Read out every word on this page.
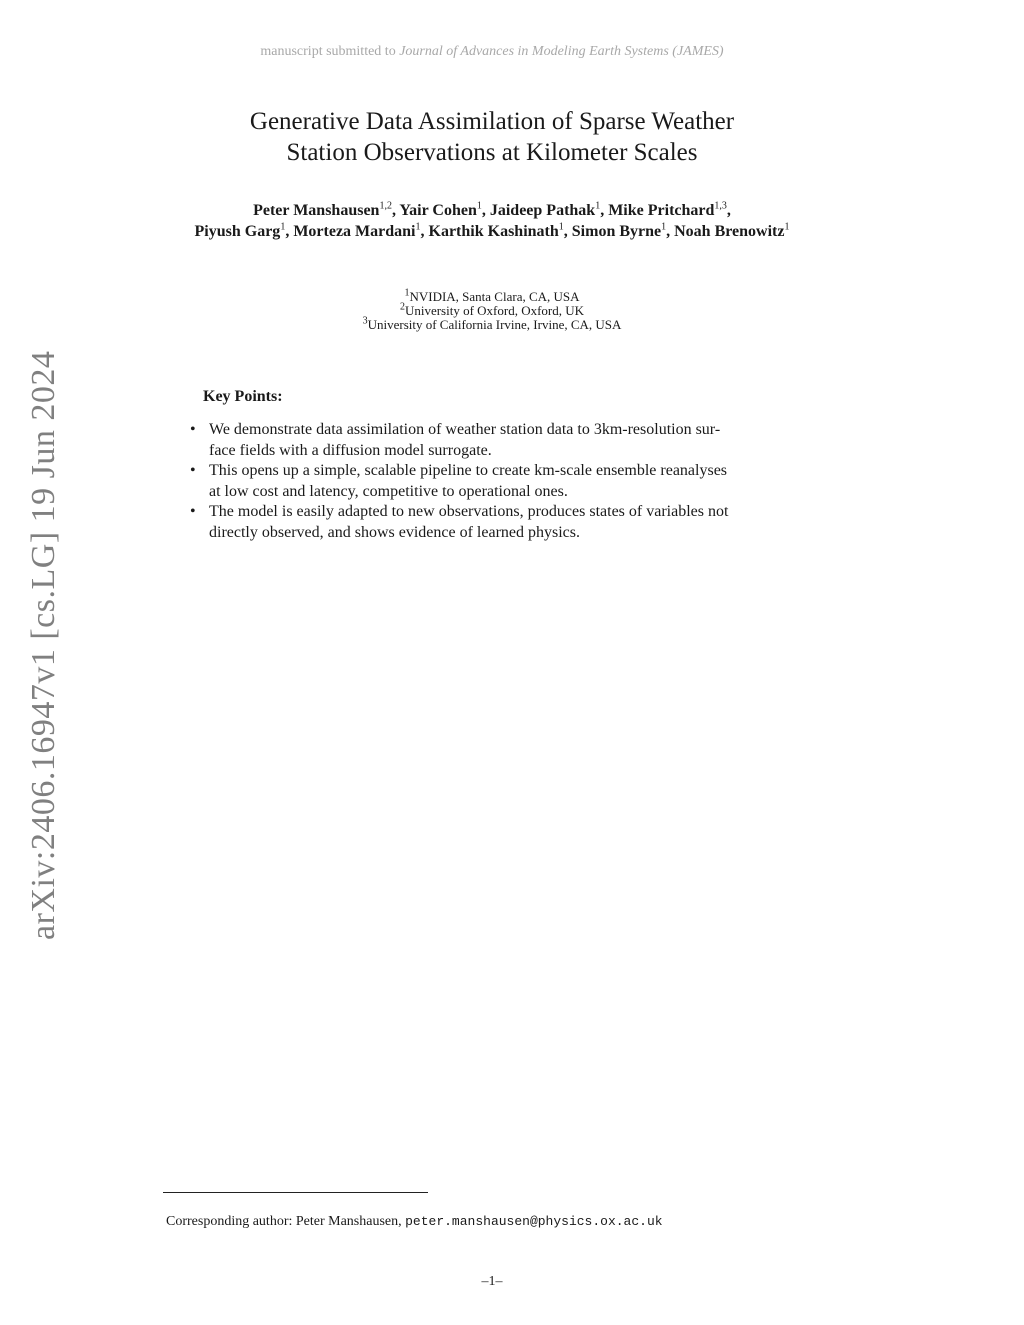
manuscript submitted to Journal of Advances in Modeling Earth Systems (JAMES)
Generative Data Assimilation of Sparse Weather
Station Observations at Kilometer Scales
Peter Manshausen$^{1,2}$, Yair Cohen$^1$, Jaideep Pathak$^1$, Mike Pritchard$^{1,3}$,
Piyush Garg$^1$, Morteza Mardani$^1$, Karthik Kashinath$^1$, Simon Byrne$^1$, Noah Brenowitz$^1$
$^1$NVIDIA, Santa Clara, CA, USA
$^2$University of Oxford, Oxford, UK
$^3$University of California Irvine, Irvine, CA, USA
Key Points:
• We demonstrate data assimilation of weather station data to 3km-resolution sur-
face fields with a diffusion model surrogate.
• This opens up a simple, scalable pipeline to create km-scale ensemble reanalyses
at low cost and latency, competitive to operational ones.
• The model is easily adapted to new observations, produces states of variables not
directly observed, and shows evidence of learned physics.
arXiv:2406.16947v1 [cs.LG] 19 Jun 2024
Corresponding author: Peter Manshausen, peter.manshausen@physics.ox.ac.uk
–1–
